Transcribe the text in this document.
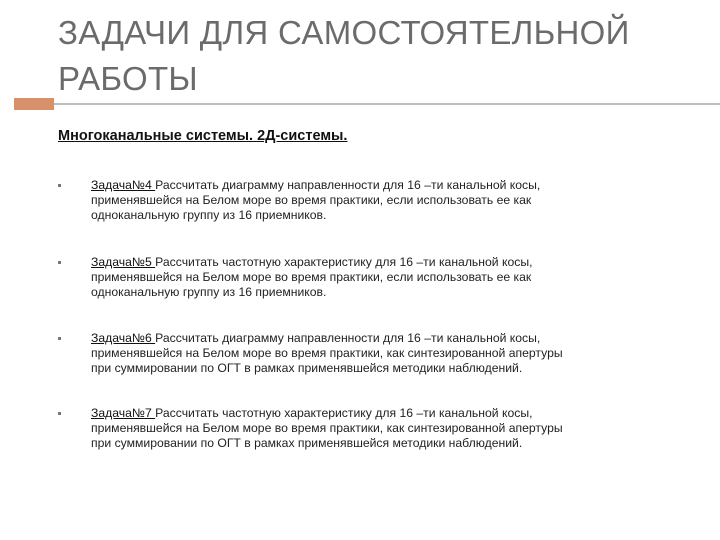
ЗАДАЧИ ДЛЯ САМОСТОЯТЕЛЬНОЙ РАБОТЫ

Многоканальные системы. 2Д-системы.

Задача№4 Рассчитать диаграмму направленности для 16 –ти канальной косы,
применявшейся на Белом море во время практики, если использовать ее как
одноканальную группу из 16 приемников.
Задача№5 Рассчитать частотную характеристику для 16 –ти канальной косы,
применявшейся на Белом море во время практики, если использовать ее как
одноканальную группу из 16 приемников.
Задача№6 Рассчитать диаграмму направленности для 16 –ти канальной косы,
применявшейся на Белом море во время практики, как синтезированной апертуры
при суммировании по ОГТ в рамках применявшейся методики наблюдений.
Задача№7 Рассчитать частотную характеристику для 16 –ти канальной косы,
применявшейся на Белом море во время практики, как синтезированной апертуры
при суммировании по ОГТ в рамках применявшейся методики наблюдений.
